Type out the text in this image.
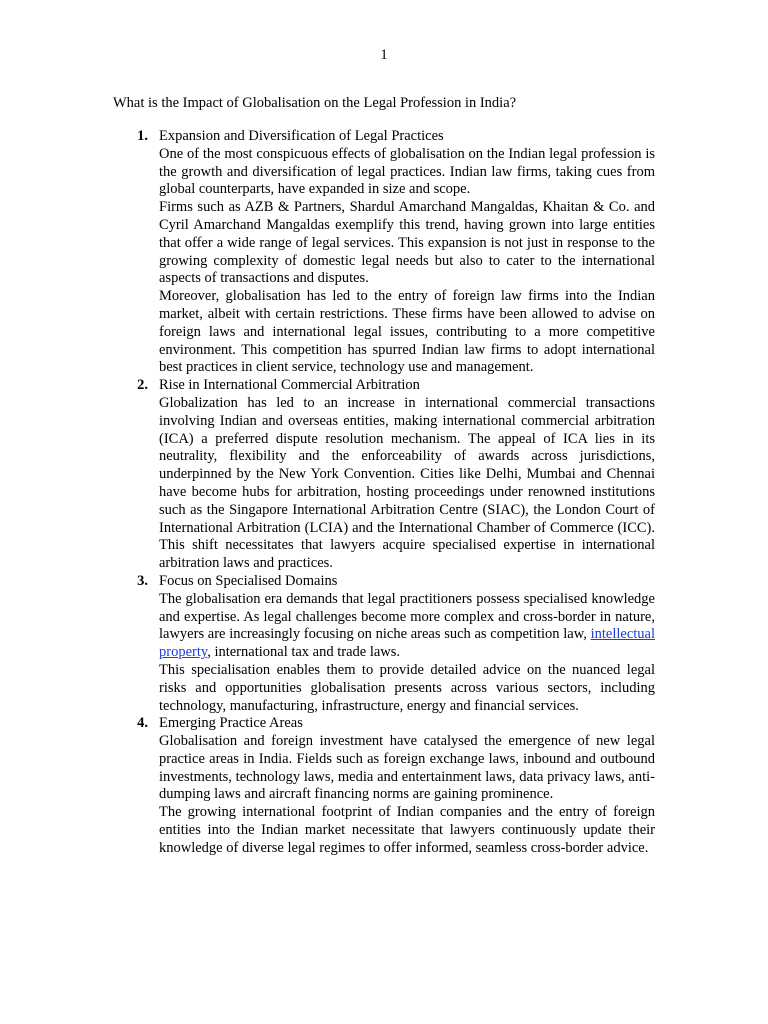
1
What is the Impact of Globalisation on the Legal Profession in India?
1. Expansion and Diversification of Legal Practices

One of the most conspicuous effects of globalisation on the Indian legal profession is the growth and diversification of legal practices. Indian law firms, taking cues from global counterparts, have expanded in size and scope.

Firms such as AZB & Partners, Shardul Amarchand Mangaldas, Khaitan & Co. and Cyril Amarchand Mangaldas exemplify this trend, having grown into large entities that offer a wide range of legal services. This expansion is not just in response to the growing complexity of domestic legal needs but also to cater to the international aspects of transactions and disputes.

Moreover, globalisation has led to the entry of foreign law firms into the Indian market, albeit with certain restrictions. These firms have been allowed to advise on foreign laws and international legal issues, contributing to a more competitive environment. This competition has spurred Indian law firms to adopt international best practices in client service, technology use and management.

2. Rise in International Commercial Arbitration

Globalization has led to an increase in international commercial transactions involving Indian and overseas entities, making international commercial arbitration (ICA) a preferred dispute resolution mechanism. The appeal of ICA lies in its neutrality, flexibility and the enforceability of awards across jurisdictions, underpinned by the New York Convention. Cities like Delhi, Mumbai and Chennai have become hubs for arbitration, hosting proceedings under renowned institutions such as the Singapore International Arbitration Centre (SIAC), the London Court of International Arbitration (LCIA) and the International Chamber of Commerce (ICC). This shift necessitates that lawyers acquire specialised expertise in international arbitration laws and practices.

3. Focus on Specialised Domains

The globalisation era demands that legal practitioners possess specialised knowledge and expertise. As legal challenges become more complex and cross-border in nature, lawyers are increasingly focusing on niche areas such as competition law, intellectual property, international tax and trade laws.

This specialisation enables them to provide detailed advice on the nuanced legal risks and opportunities globalisation presents across various sectors, including technology, manufacturing, infrastructure, energy and financial services.

4. Emerging Practice Areas

Globalisation and foreign investment have catalysed the emergence of new legal practice areas in India. Fields such as foreign exchange laws, inbound and outbound investments, technology laws, media and entertainment laws, data privacy laws, anti-dumping laws and aircraft financing norms are gaining prominence.

The growing international footprint of Indian companies and the entry of foreign entities into the Indian market necessitate that lawyers continuously update their knowledge of diverse legal regimes to offer informed, seamless cross-border advice.
